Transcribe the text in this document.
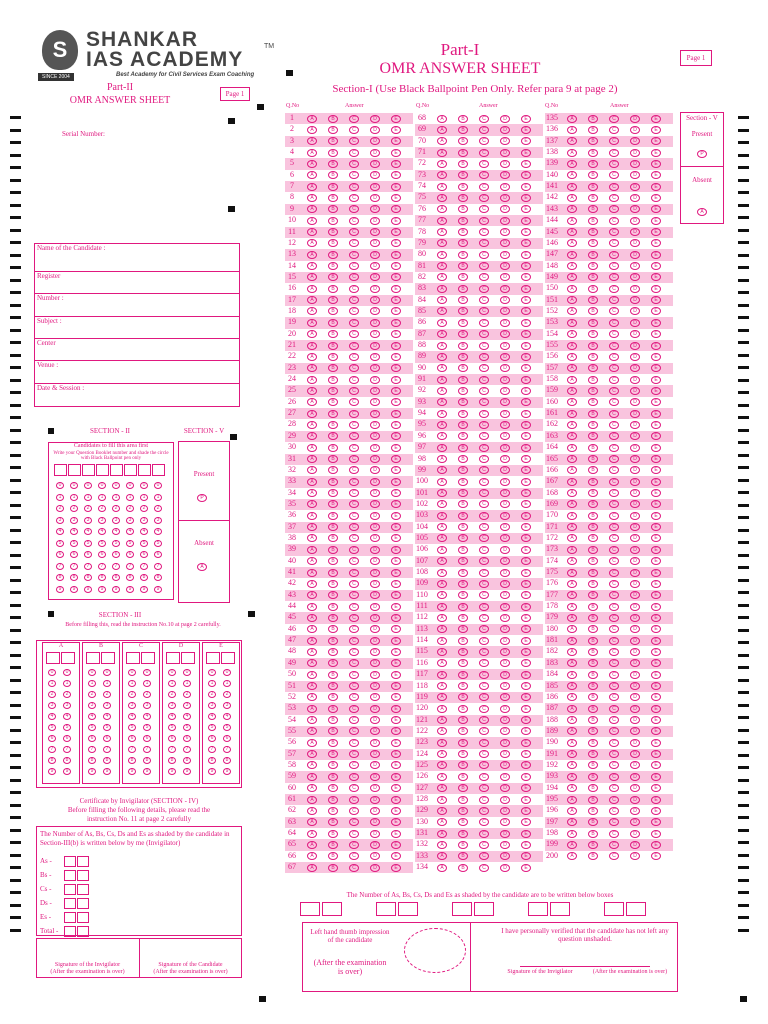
S SHANKAR
IAS ACADEMY
TM
Best Academy for Civil Services Exam Coaching
SINCE 2004
Part-I
OMR ANSWER SHEET
Page 1
Section-I (Use Black Ballpoint Pen Only. Refer para 9 at page 2)
Part-II
OMR ANSWER SHEET
Page 1
Serial Number:
Name of the Candidate :
Register
Number :
Subject :
Center
Venue :
Date & Session :
SECTION - II
Candidates to fill this area first
Write your Question Booklet number and shade the circle with Black Ballpoint pen only
0	0	0	0	0	0	0	0
1	1	1	1	1	1	1	1
2	2	2	2	2	2	2	2
3	3	3	3	3	3	3	3
4	4	4	4	4	4	4	4
5	5	5	5	5	5	5	5
6	6	6	6	6	6	6	6
7	7	7	7	7	7	7	7
8	8	8	8	8	8	8	8
9	9	9	9	9	9	9	9
SECTION - V
Present
P
Absent
A
SECTION - III
Before filling this, read the instruction No.10 at page 2 carefully.
A
0	0
1	1
2	2
3	3
4	4
5	5
6	6
7	7
8	8
9	9
B
0	0
1	1
2	2
3	3
4	4
5	5
6	6
7	7
8	8
9	9
C
0	0
1	1
2	2
3	3
4	4
5	5
6	6
7	7
8	8
9	9
D
0	0
1	1
2	2
3	3
4	4
5	5
6	6
7	7
8	8
9	9
E
0	0
1	1
2	2
3	3
4	4
5	5
6	6
7	7
8	8
9	9
Certificate by Invigilator (SECTION - IV)
Before filling the following details, please read the
instruction No. 11 at page 2 carefully
The Number of As, Bs, Cs, Ds and Es as shaded by the candidate in Section-III(b) is written below by me (Invigilator)
As -
Bs -
Cs -
Ds -
Es -
Total -
Signature of the Invigilator
(After the examination is over)
Signature of the Candidate
(After the examination is over)
Q.No	Answer	Q.No	Answer	Q.No	Answer
1	A	B	C	D	E
2	A	B	C	D	E
3	A	B	C	D	E
4	A	B	C	D	E
5	A	B	C	D	E
6	A	B	C	D	E
7	A	B	C	D	E
8	A	B	C	D	E
9	A	B	C	D	E
10	A	B	C	D	E
11	A	B	C	D	E
12	A	B	C	D	E
13	A	B	C	D	E
14	A	B	C	D	E
15	A	B	C	D	E
16	A	B	C	D	E
17	A	B	C	D	E
18	A	B	C	D	E
19	A	B	C	D	E
20	A	B	C	D	E
21	A	B	C	D	E
22	A	B	C	D	E
23	A	B	C	D	E
24	A	B	C	D	E
25	A	B	C	D	E
26	A	B	C	D	E
27	A	B	C	D	E
28	A	B	C	D	E
29	A	B	C	D	E
30	A	B	C	D	E
31	A	B	C	D	E
32	A	B	C	D	E
33	A	B	C	D	E
34	A	B	C	D	E
35	A	B	C	D	E
36	A	B	C	D	E
37	A	B	C	D	E
38	A	B	C	D	E
39	A	B	C	D	E
40	A	B	C	D	E
41	A	B	C	D	E
42	A	B	C	D	E
43	A	B	C	D	E
44	A	B	C	D	E
45	A	B	C	D	E
46	A	B	C	D	E
47	A	B	C	D	E
48	A	B	C	D	E
49	A	B	C	D	E
50	A	B	C	D	E
51	A	B	C	D	E
52	A	B	C	D	E
53	A	B	C	D	E
54	A	B	C	D	E
55	A	B	C	D	E
56	A	B	C	D	E
57	A	B	C	D	E
58	A	B	C	D	E
59	A	B	C	D	E
60	A	B	C	D	E
61	A	B	C	D	E
62	A	B	C	D	E
63	A	B	C	D	E
64	A	B	C	D	E
65	A	B	C	D	E
66	A	B	C	D	E
67	A	B	C	D	E
68	A	B	C	D	E
69	A	B	C	D	E
70	A	B	C	D	E
71	A	B	C	D	E
72	A	B	C	D	E
73	A	B	C	D	E
74	A	B	C	D	E
75	A	B	C	D	E
76	A	B	C	D	E
77	A	B	C	D	E
78	A	B	C	D	E
79	A	B	C	D	E
80	A	B	C	D	E
81	A	B	C	D	E
82	A	B	C	D	E
83	A	B	C	D	E
84	A	B	C	D	E
85	A	B	C	D	E
86	A	B	C	D	E
87	A	B	C	D	E
88	A	B	C	D	E
89	A	B	C	D	E
90	A	B	C	D	E
91	A	B	C	D	E
92	A	B	C	D	E
93	A	B	C	D	E
94	A	B	C	D	E
95	A	B	C	D	E
96	A	B	C	D	E
97	A	B	C	D	E
98	A	B	C	D	E
99	A	B	C	D	E
100	A	B	C	D	E
101	A	B	C	D	E
102	A	B	C	D	E
103	A	B	C	D	E
104	A	B	C	D	E
105	A	B	C	D	E
106	A	B	C	D	E
107	A	B	C	D	E
108	A	B	C	D	E
109	A	B	C	D	E
110	A	B	C	D	E
111	A	B	C	D	E
112	A	B	C	D	E
113	A	B	C	D	E
114	A	B	C	D	E
115	A	B	C	D	E
116	A	B	C	D	E
117	A	B	C	D	E
118	A	B	C	D	E
119	A	B	C	D	E
120	A	B	C	D	E
121	A	B	C	D	E
122	A	B	C	D	E
123	A	B	C	D	E
124	A	B	C	D	E
125	A	B	C	D	E
126	A	B	C	D	E
127	A	B	C	D	E
128	A	B	C	D	E
129	A	B	C	D	E
130	A	B	C	D	E
131	A	B	C	D	E
132	A	B	C	D	E
133	A	B	C	D	E
134	A	B	C	D	E
135	A	B	C	D	E
136	A	B	C	D	E
137	A	B	C	D	E
138	A	B	C	D	E
139	A	B	C	D	E
140	A	B	C	D	E
141	A	B	C	D	E
142	A	B	C	D	E
143	A	B	C	D	E
144	A	B	C	D	E
145	A	B	C	D	E
146	A	B	C	D	E
147	A	B	C	D	E
148	A	B	C	D	E
149	A	B	C	D	E
150	A	B	C	D	E
151	A	B	C	D	E
152	A	B	C	D	E
153	A	B	C	D	E
154	A	B	C	D	E
155	A	B	C	D	E
156	A	B	C	D	E
157	A	B	C	D	E
158	A	B	C	D	E
159	A	B	C	D	E
160	A	B	C	D	E
161	A	B	C	D	E
162	A	B	C	D	E
163	A	B	C	D	E
164	A	B	C	D	E
165	A	B	C	D	E
166	A	B	C	D	E
167	A	B	C	D	E
168	A	B	C	D	E
169	A	B	C	D	E
170	A	B	C	D	E
171	A	B	C	D	E
172	A	B	C	D	E
173	A	B	C	D	E
174	A	B	C	D	E
175	A	B	C	D	E
176	A	B	C	D	E
177	A	B	C	D	E
178	A	B	C	D	E
179	A	B	C	D	E
180	A	B	C	D	E
181	A	B	C	D	E
182	A	B	C	D	E
183	A	B	C	D	E
184	A	B	C	D	E
185	A	B	C	D	E
186	A	B	C	D	E
187	A	B	C	D	E
188	A	B	C	D	E
189	A	B	C	D	E
190	A	B	C	D	E
191	A	B	C	D	E
192	A	B	C	D	E
193	A	B	C	D	E
194	A	B	C	D	E
195	A	B	C	D	E
196	A	B	C	D	E
197	A	B	C	D	E
198	A	B	C	D	E
199	A	B	C	D	E
200	A	B	C	D	E
Section - V
Present
P
Absent
A
The Number of As, Bs, Cs, Ds and Es as shaded by the candidate are to be written below boxes
Left hand thumb impression of the candidate
(After the examination is over)
I have personally verified that the candidate has not left any question unshaded.
Signature of the Invigilator	(After the examination is over)
